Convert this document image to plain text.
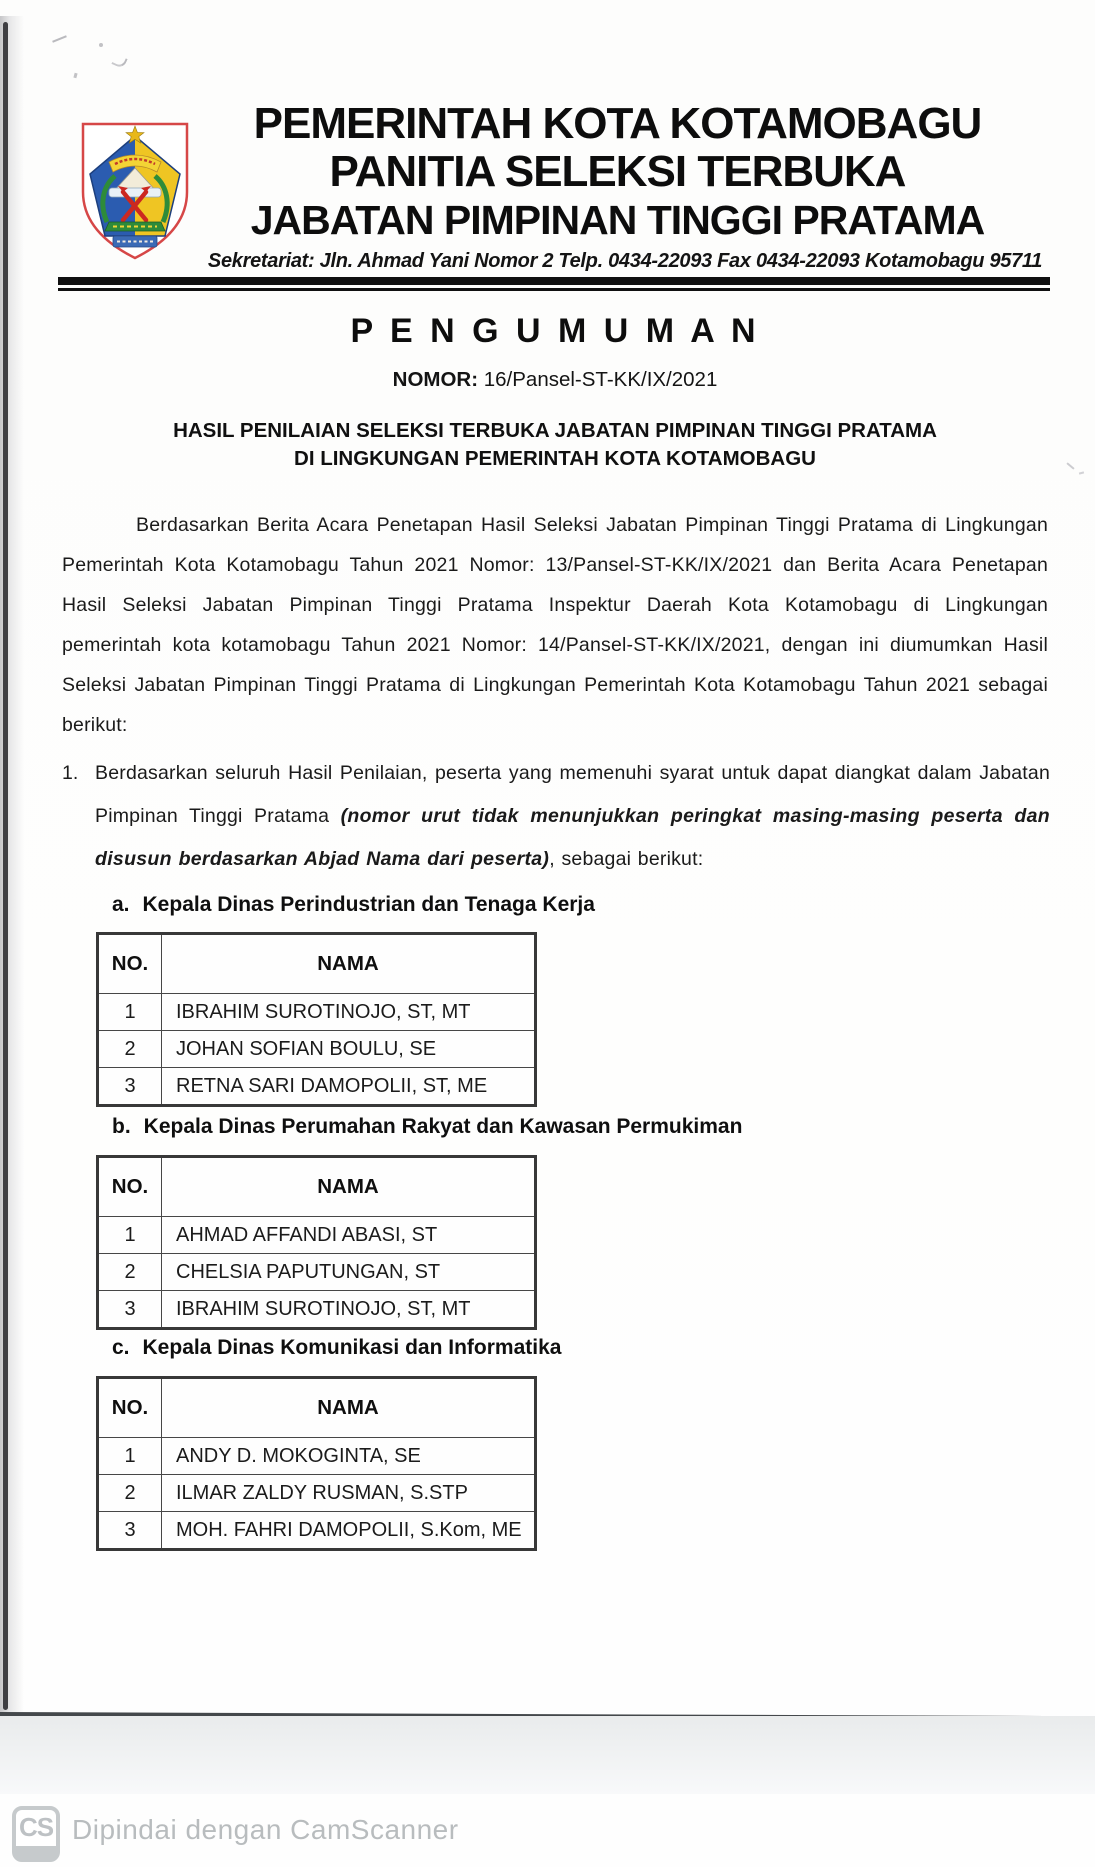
PEMERINTAH KOTA KOTAMOBAGU
PANITIA SELEKSI TERBUKA
JABATAN PIMPINAN TINGGI PRATAMA
Sekretariat: Jln. Ahmad Yani Nomor 2 Telp. 0434-22093 Fax 0434-22093 Kotamobagu 95711
P E N G U M U M A N
NOMOR: 16/Pansel-ST-KK/IX/2021
HASIL PENILAIAN SELEKSI TERBUKA JABATAN PIMPINAN TINGGI PRATAMA
DI LINGKUNGAN PEMERINTAH KOTA KOTAMOBAGU

Berdasarkan Berita Acara Penetapan Hasil Seleksi Jabatan Pimpinan Tinggi Pratama di Lingkungan Pemerintah Kota Kotamobagu Tahun 2021 Nomor: 13/Pansel-ST-KK/IX/2021 dan Berita Acara Penetapan Hasil Seleksi Jabatan Pimpinan Tinggi Pratama Inspektur Daerah Kota Kotamobagu di Lingkungan pemerintah kota kotamobagu Tahun 2021 Nomor: 14/Pansel-ST-KK/IX/2021, dengan ini diumumkan Hasil Seleksi Jabatan Pimpinan Tinggi Pratama di Lingkungan Pemerintah Kota Kotamobagu Tahun 2021 sebagai berikut:

1. Berdasarkan seluruh Hasil Penilaian, peserta yang memenuhi syarat untuk dapat diangkat dalam Jabatan Pimpinan Tinggi Pratama (nomor urut tidak menunjukkan peringkat masing-masing peserta dan disusun berdasarkan Abjad Nama dari peserta), sebagai berikut:
a. Kepala Dinas Perindustrian dan Tenaga Kerja
NO.	NAMA
1	IBRAHIM SUROTINOJO, ST, MT
2	JOHAN SOFIAN BOULU, SE
3	RETNA SARI DAMOPOLII, ST, ME
b. Kepala Dinas Perumahan Rakyat dan Kawasan Permukiman
NO.	NAMA
1	AHMAD AFFANDI ABASI, ST
2	CHELSIA PAPUTUNGAN, ST
3	IBRAHIM SUROTINOJO, ST, MT
c. Kepala Dinas Komunikasi dan Informatika
NO.	NAMA
1	ANDY D. MOKOGINTA, SE
2	ILMAR ZALDY RUSMAN, S.STP
3	MOH. FAHRI DAMOPOLII, S.Kom, ME
CS Dipindai dengan CamScanner
